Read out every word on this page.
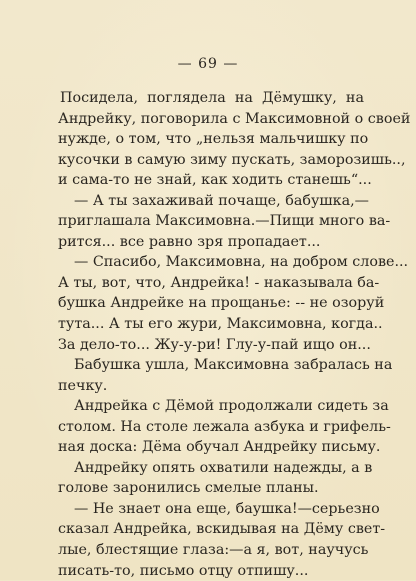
— 69 —
Посидела, поглядела на Дёмушку, на
Андрейку, поговорила с Максимовной о своей
нужде, о том, что „нельзя мальчишку по
кусочки в самую зиму пускать, заморозишь..,
и сама-то не знай, как ходить станешь“...
— А ты захаживай почаще, бабушка,—
приглашала Максимовна.—Пищи много ва-
рится... все равно зря пропадает...
— Спасибо, Максимовна, на добром слове...
А ты, вот, что, Андрейка! - наказывала ба-
бушка Андрейке на прощанье: -- не озоруй
тута... А ты его жури, Максимовна, когда..
За дело-то... Жу-у-ри! Глу-у-пай ищо он...
Бабушка ушла, Максимовна забралась на
печку.
Андрейка с Дёмой продолжали сидеть за
столом. На столе лежала азбука и грифель-
ная доска: Дёма обучал Андрейку письму.
Андрейку опять охватили надежды, а в
голове заронились смелые планы.
— Не знает она еще, баушка!—серьезно
сказал Андрейка, вскидывая на Дёму свет-
лые, блестящие глаза:—а я, вот, научусь
писать-то, письмо отцу отпишу...
